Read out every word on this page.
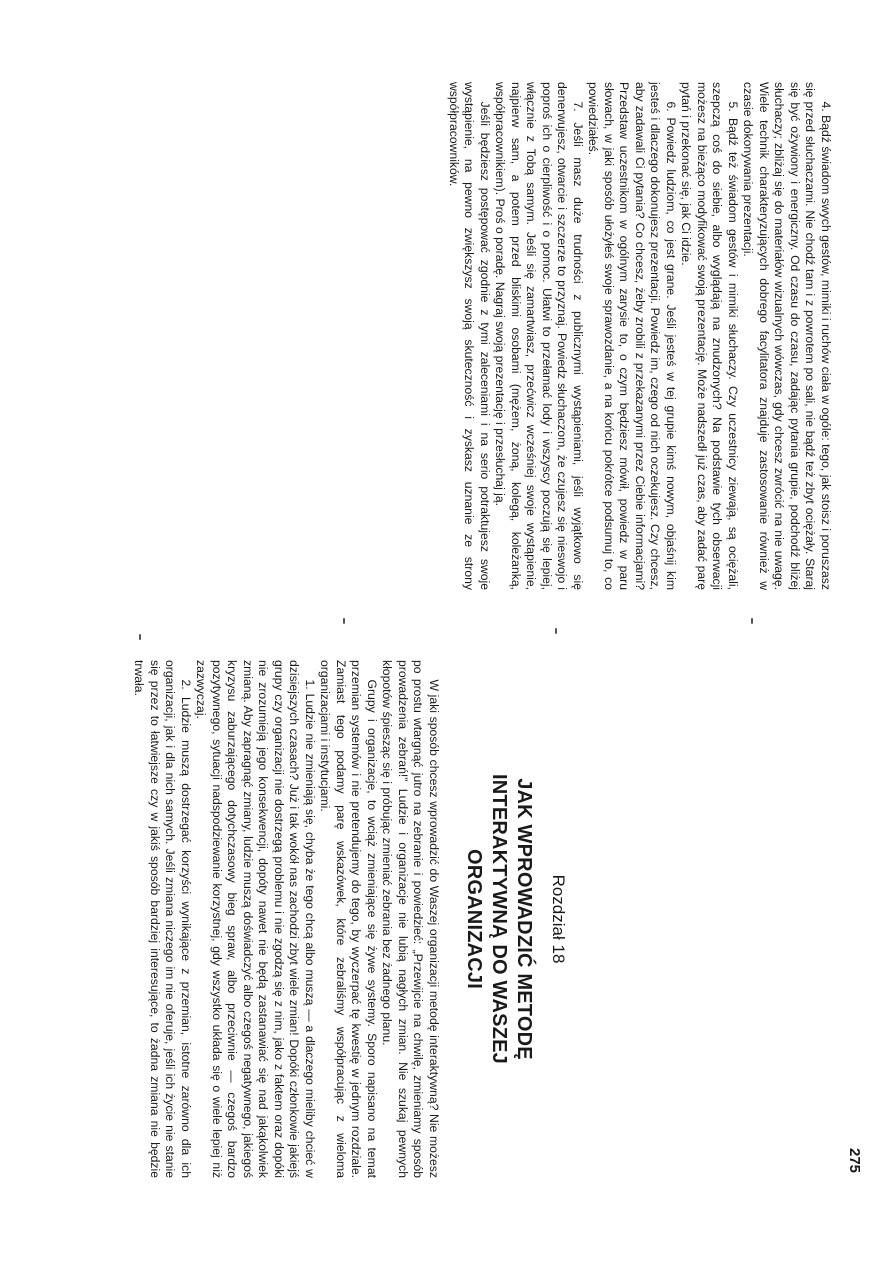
275

4. Bądź świadom swych gestów, mimiki i ruchów ciała w ogóle: tego, jak stoisz i poruszasz się przed słuchaczami. Nie chodź tam i z powrotem po sali, nie bądź też zbyt ociężały. Staraj się być ożywiony i energiczny. Od czasu do czasu, zadając pytania grupie, podchodź bliżej słuchaczy; zbliżaj się do materiałów wizualnych wówczas, gdy chcesz zwrócić na nie uwagę. Wiele technik charakteryzujących dobrego facylitatora znajduje zastosowanie również w czasie dokonywania prezentacji.

5. Bądź też świadom gestów i mimiki słuchaczy. Czy uczestnicy ziewają, są ociężali, szepczą coś do siebie, albo wyglądają na znudzonych? Na podstawie tych obserwacji możesz na bieżąco modyfikować swoją prezentację. Może nadszedł już czas, aby zadać parę pytań i przekonać się, jak Ci idzie.

6. Powiedz ludziom, co jest grane. Jeśli jesteś w tej grupie kimś nowym, objaśnij kim jesteś i dlaczego dokonujesz prezentacji. Powiedz im, czego od nich oczekujesz. Czy chcesz, aby zadawali Ci pytania? Co chcesz, żeby zrobili z przekazanymi przez Ciebie informacjami? Przedstaw uczestnikom w ogólnym zarysie to, o czym będziesz mówił, powiedz w paru słowach, w jaki sposób ułożyłeś swoje sprawozdanie, a na końcu pokrótce podsumuj to, co powiedziałeś.

7. Jeśli masz duże trudności z publicznymi wystąpieniami, jeśli wyjątkowo się denerwujesz, otwarcie i szczerze to przyznaj. Powiedz słuchaczom, że czujesz się nieswojo i poproś ich o cierpliwość i o pomoc. Ułatwi to przełamać lody i wszyscy poczują się lepiej, włącznie z Tobą samym. Jeśli się zamartwiasz, przećwicz wcześniej swoje wystąpienie, najpierw sam, a potem przed bliskimi osobami (mężem, żoną, kolegą, koleżanką, współpracownikiem). Proś o poradę. Nagraj swoją prezentację i przesłuchaj ją.

Jeśli będziesz postępować zgodnie z tymi zaleceniami i na serio potraktujesz swoje wystąpienie, na pewno zwiększysz swoją skuteczność i zyskasz uznanie ze strony współpracowników.

Rozdział 18
JAK WPROWADZIĆ METODĘ
INTERAKTYWNĄ DO WASZEJ
ORGANIZACJI

W jaki sposób chcesz wprowadzić do Waszej organizacji metodę interaktywną? Nie możesz po prostu wtargnąć jutro na zebranie i powiedzieć: „Przewijcie na chwilę, zmieniamy sposób prowadzenia zebrań!” Ludzie i organizacje nie lubią nagłych zmian. Nie szukaj pewnych kłopotów śpiesząc się i próbując zmieniać zebrania bez żadnego planu.

Grupy i organizacje, to wciąż zmieniające się żywe systemy. Sporo napisano na temat przemian systemów i nie pretendujemy do tego, by wyczerpać tę kwestię w jednym rozdziale. Zamiast tego podamy parę wskazówek, które zebraliśmy współpracując z wieloma organizacjami i instytucjami.

1. Ludzie nie zmieniają się, chyba że tego chcą albo muszą — a dlaczego mieliby chcieć w dzisiejszych czasach? Już i tak wokół nas zachodzi zbyt wiele zmian! Dopóki członkowie jakiejś grupy czy organizacji nie dostrzegą problemu i nie zgodzą się z nim, jako z faktem oraz dopóki nie zrozumieją jego konsekwencji, dopóty nawet nie będą zastanawiać się nad jakąkolwiek zmianą. Aby zapragnąć zmiany, ludzie muszą doświadczyć albo czegoś negatywnego, jakiegoś kryzysu zaburzającego dotychczasowy bieg spraw, albo przeciwnie — czegoś bardzo pozytywnego, sytuacji nadspodziewanie korzystnej, gdy wszystko układa się o wiele lepiej niż zazwyczaj.

2. Ludzie muszą dostrzegać korzyści wynikające z przemian, istotne zarówno dla ich organizacji, jak i dla nich samych. Jeśli zmiana niczego im nie oferuje, jeśli ich życie nie stanie się przez to łatwiejsze czy w jakiś sposób bardziej interesujące, to żadna zmiana nie będzie trwała.
